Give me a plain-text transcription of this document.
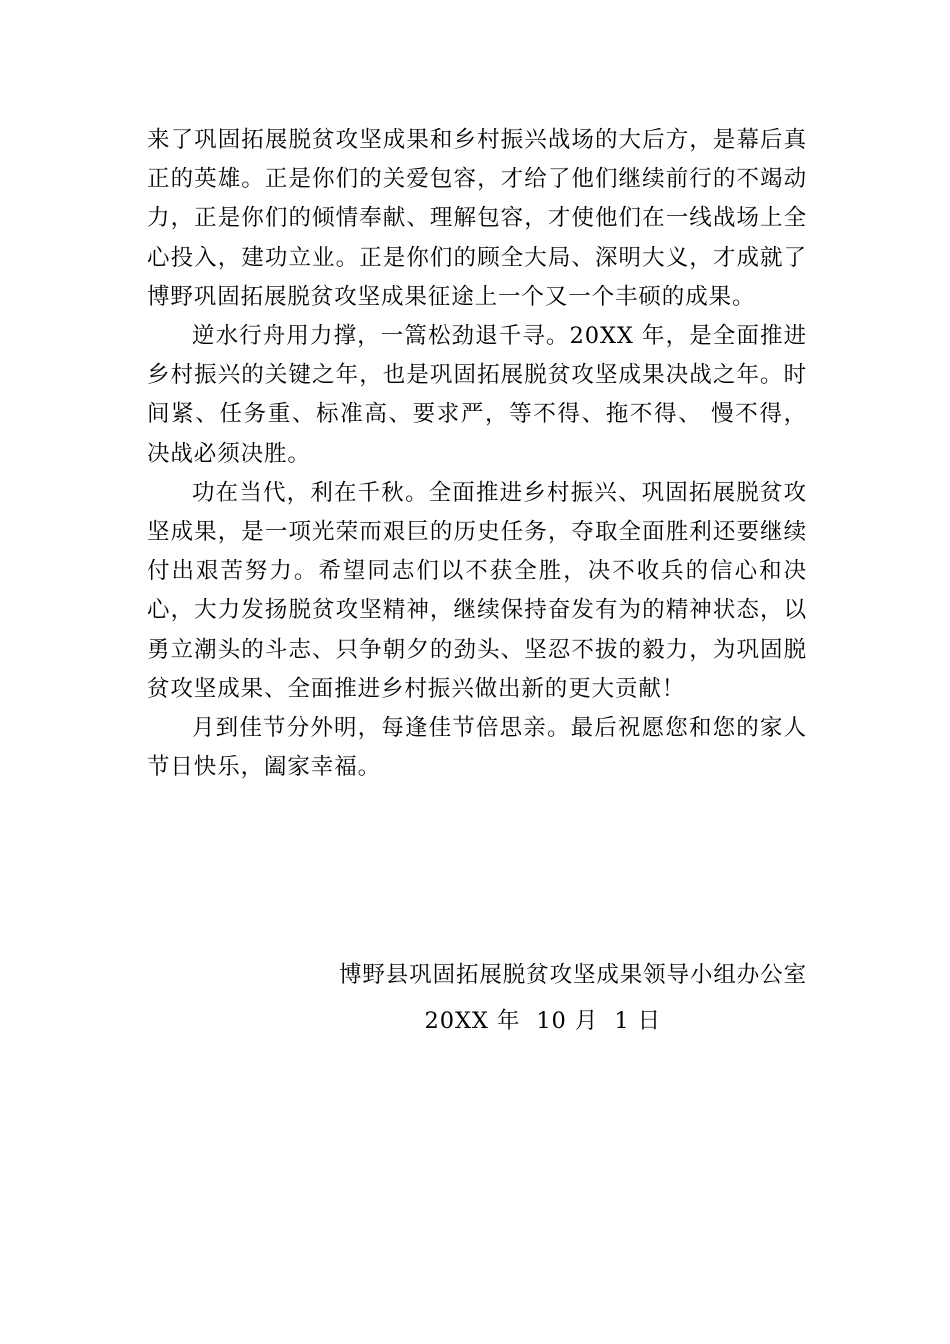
来了巩固拓展脱贫攻坚成果和乡村振兴战场的大后方，是幕后真正的英雄。正是你们的关爱包容，才给了他们继续前行的不竭动力，正是你们的倾情奉献、理解包容，才使他们在一线战场上全心投入，建功立业。正是你们的顾全大局、深明大义，才成就了博野巩固拓展脱贫攻坚成果征途上一个又一个丰硕的成果。

逆水行舟用力撑，一篙松劲退千寻。20XX 年，是全面推进乡村振兴的关键之年，也是巩固拓展脱贫攻坚成果决战之年。时间紧、任务重、标准高、要求严，等不得、拖不得、 慢不得，决战必须决胜。

功在当代，利在千秋。全面推进乡村振兴、巩固拓展脱贫攻坚成果，是一项光荣而艰巨的历史任务，夺取全面胜利还要继续付出艰苦努力。希望同志们以不获全胜，决不收兵的信心和决心，大力发扬脱贫攻坚精神，继续保持奋发有为的精神状态，以勇立潮头的斗志、只争朝夕的劲头、坚忍不拔的毅力，为巩固脱贫攻坚成果、全面推进乡村振兴做出新的更大贡献！

月到佳节分外明，每逢佳节倍思亲。最后祝愿您和您的家人节日快乐，阖家幸福。

博野县巩固拓展脱贫攻坚成果领导小组办公室
20XX 年  10 月  1 日
